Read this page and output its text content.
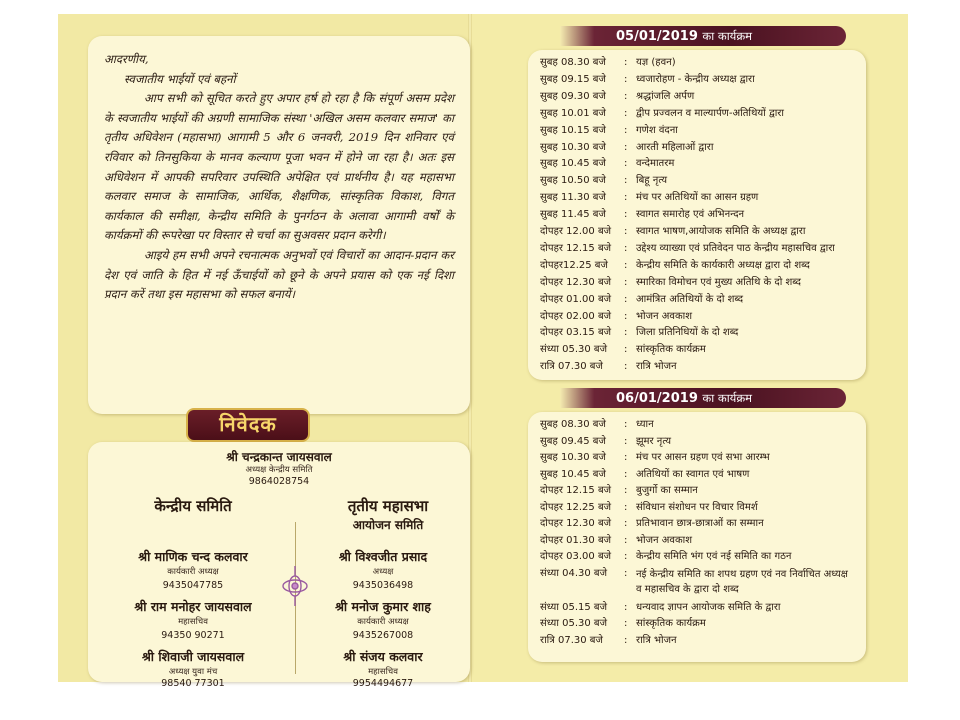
आदरणीय,

स्वजातीय भाईयों एवं बहनों

आप सभी को सूचित करते हुए अपार हर्ष हो रहा है कि संपूर्ण असम प्रदेश के स्वजातीय भाईयों की अग्रणी सामाजिक संस्था 'अखिल असम कलवार समाज' का तृतीय अधिवेशन (महासभा) आगामी 5 और 6 जनवरी, 2019 दिन शनिवार एवं रविवार को तिनसुकिया के मानव कल्याण पूजा भवन में होने जा रहा है। अतः इस अधिवेशन में आपकी सपरिवार उपस्थिति अपेक्षित एवं प्रार्थनीय है। यह महासभा कलवार समाज के सामाजिक, आर्थिक, शैक्षणिक, सांस्कृतिक विकाश, विगत कार्यकाल की समीक्षा, केन्द्रीय समिति के पुनर्गठन के अलावा आगामी वर्षों के कार्यक्रमों की रूपरेखा पर विस्तार से चर्चा का सुअवसर प्रदान करेगी।

आइये हम सभी अपने रचनात्मक अनुभवों एवं विचारों का आदान-प्रदान कर देश एवं जाति के हित में नई ऊँचाईयों को छूने के अपने प्रयास को एक नई दिशा प्रदान करें तथा इस महासभा को सफल बनायें।

निवेदक
श्री चन्द्रकान्त जायसवाल
अध्यक्ष केन्द्रीय समिति
9864028754
केन्द्रीय समिति	तृतीय महासभा
आयोजन समिति
श्री माणिक चन्द कलवार
कार्यकारी अध्यक्ष
9435047785
श्री राम मनोहर जायसवाल
महासचिव
94350 90271
श्री शिवाजी जायसवाल
अध्यक्ष युवा मंच
98540 77301
श्री विश्वजीत प्रसाद
अध्यक्ष
9435036498
श्री मनोज कुमार शाह
कार्यकारी अध्यक्ष
9435267008
श्री संजय कलवार
महासचिव
9954494677
05/01/2019 का कार्यक्रम
सुबह 08.30 बजे	: यज्ञ (हवन)
सुबह 09.15 बजे	: ध्वजारोहण - केन्द्रीय अध्यक्ष द्वारा
सुबह 09.30 बजे	: श्रद्धांजलि अर्पण
सुबह 10.01 बजे	: द्वीप प्रज्वलन व माल्यार्पण-अतिथियों द्वारा
सुबह 10.15 बजे	: गणेश वंदना
सुबह 10.30 बजे	: आरती महिलाओं द्वारा
सुबह 10.45 बजे	: वन्देमातरम
सुबह 10.50 बजे	: बिहू नृत्य
सुबह 11.30 बजे	: मंच पर अतिथियों का आसन ग्रहण
सुबह 11.45 बजे	: स्वागत समारोह एवं अभिनन्दन
दोपहर 12.00 बजे	: स्वागत भाषण,आयोजक समिति के अध्यक्ष द्वारा
दोपहर 12.15 बजे	: उद्देश्य व्याख्या एवं प्रतिवेदन पाठ केन्द्रीय महासचिव द्वारा
दोपहर12.25 बजे	: केन्द्रीय समिति के कार्यकारी अध्यक्ष द्वारा दो शब्द
दोपहर 12.30 बजे	: स्मारिका विमोचन एवं मुख्य अतिथि के दो शब्द
दोपहर 01.00 बजे	: आमंत्रित अतिथियों के दो शब्द
दोपहर 02.00 बजे	: भोजन अवकाश
दोपहर 03.15 बजे	: जिला प्रतिनिधियों के दो शब्द
संध्या 05.30 बजे	: सांस्कृतिक कार्यक्रम
रात्रि 07.30 बजे	: रात्रि भोजन
06/01/2019 का कार्यक्रम
सुबह 08.30 बजे	: ध्यान
सुबह 09.45 बजे	: झूमर नृत्य
सुबह 10.30 बजे	: मंच पर आसन ग्रहण एवं सभा आरम्भ
सुबह 10.45 बजे	: अतिथियों का स्वागत एवं भाषण
दोपहर 12.15 बजे	: बुजुर्गो का सम्मान
दोपहर 12.25 बजे	: संविधान संशोधन पर विचार विमर्श
दोपहर 12.30 बजे	: प्रतिभावान छात्र-छात्राओं का सम्मान
दोपहर 01.30 बजे	: भोजन अवकाश
दोपहर 03.00 बजे	: केन्द्रीय समिति भंग एवं नई समिति का गठन
संध्या 04.30 बजे	: नई केन्द्रीय समिति का शपथ ग्रहण एवं नव निर्वाचित अध्यक्ष व महासचिव के द्वारा दो शब्द
संध्या 05.15 बजे	: धन्यवाद ज्ञापन आयोजक समिति के द्वारा
संध्या 05.30 बजे	: सांस्कृतिक कार्यक्रम
रात्रि 07.30 बजे	: रात्रि भोजन
